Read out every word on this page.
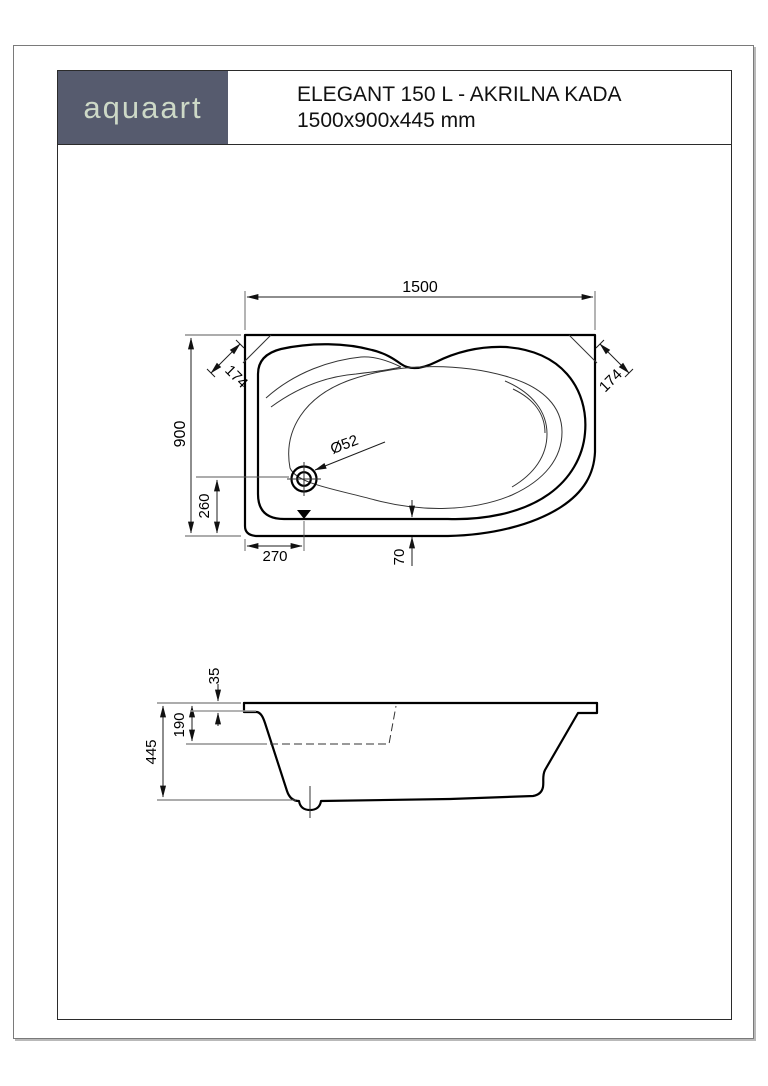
aquaart	ELEGANT 150 L - AKRILNA KADA
1500x900x445 mm
Ø52
1500
900
174	174
260
270	70
445
190
35
